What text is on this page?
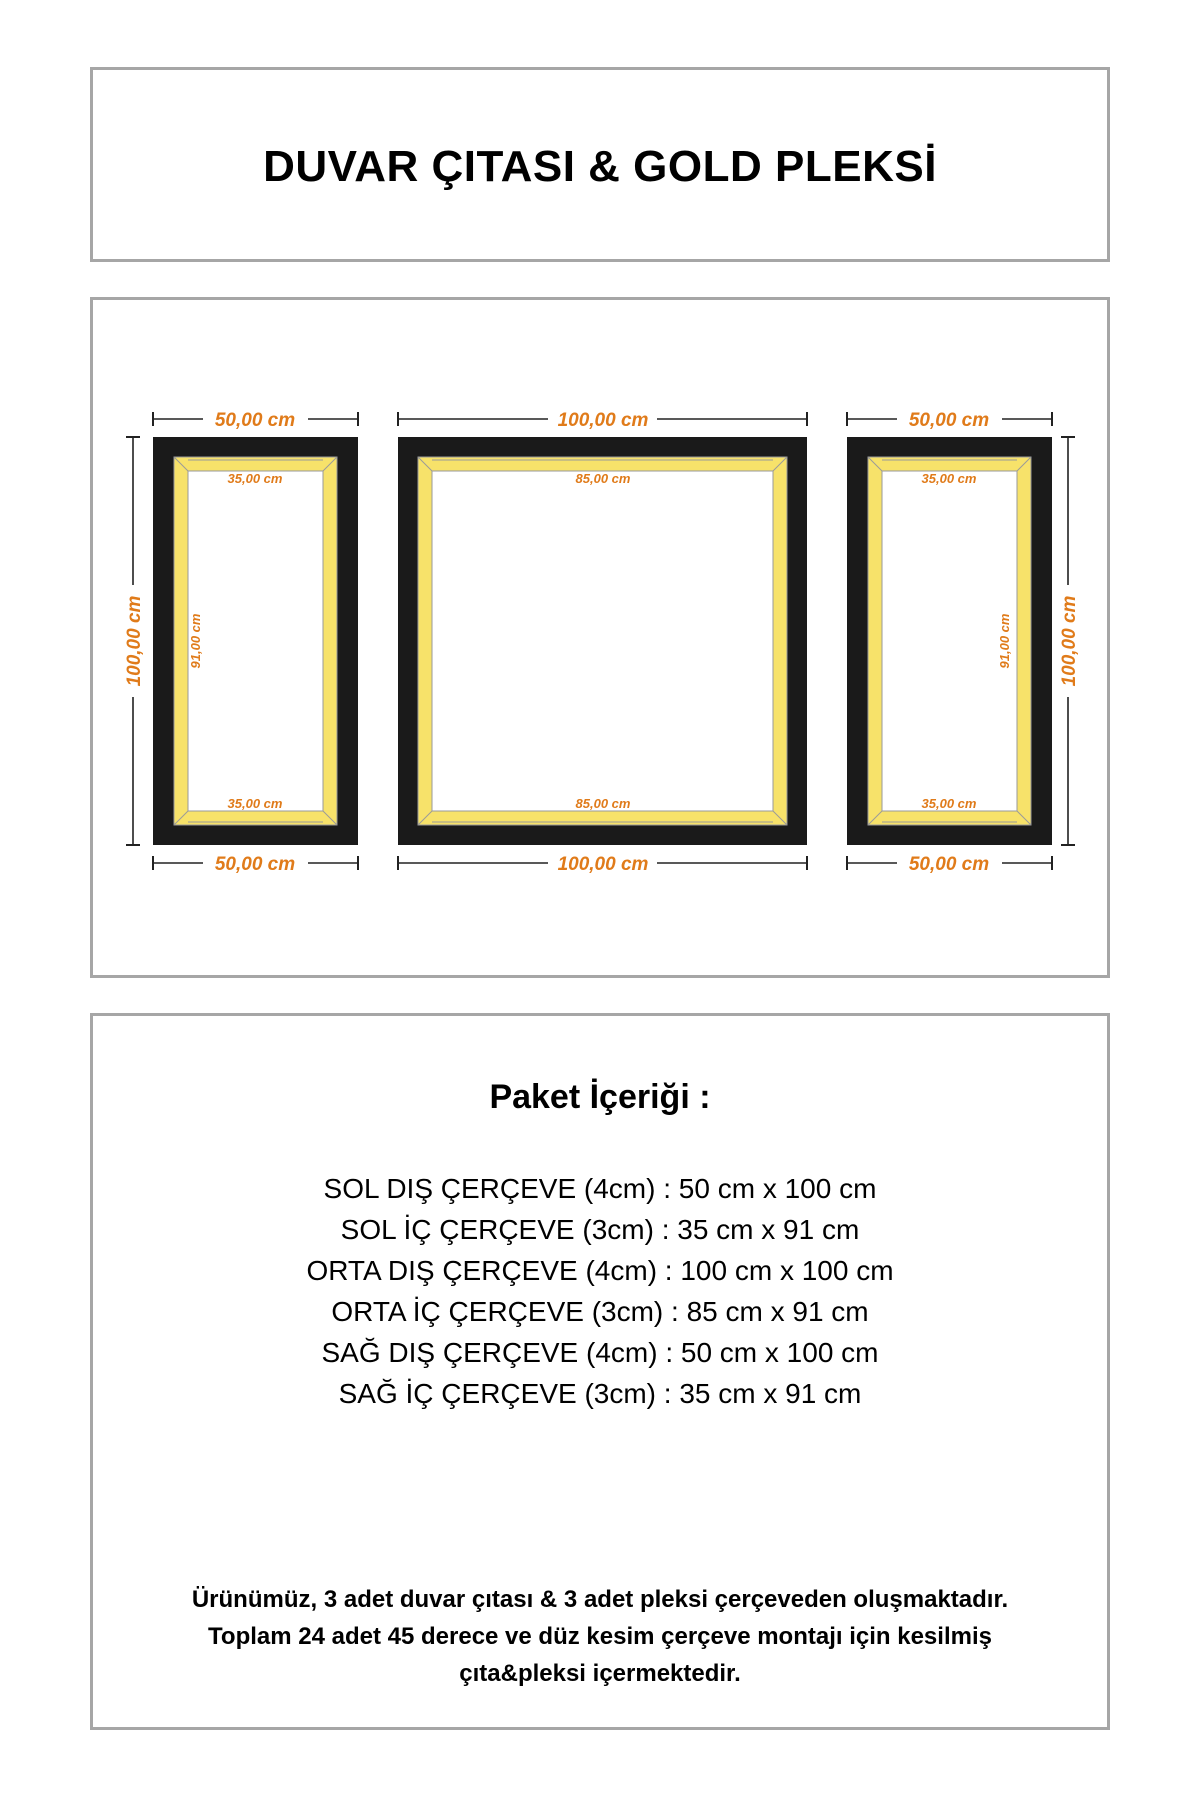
DUVAR ÇITASI & GOLD PLEKSİ
50,00 cm	100,00 cm	50,00 cm
50,00 cm	100,00 cm	50,00 cm
100,00 cm	100,00 cm
35,00 cm
35,00 cm
91,00 cm
85,00 cm
85,00 cm
35,00 cm
35,00 cm
91,00 cm
Paket İçeriği :
SOL DIŞ ÇERÇEVE (4cm) : 50 cm x 100 cm
SOL İÇ ÇERÇEVE (3cm) : 35 cm x 91 cm
ORTA DIŞ ÇERÇEVE (4cm) : 100 cm x 100 cm
ORTA İÇ ÇERÇEVE (3cm) : 85 cm x 91 cm
SAĞ DIŞ ÇERÇEVE (4cm) : 50 cm x 100 cm
SAĞ İÇ ÇERÇEVE (3cm) : 35 cm x 91 cm
Ürünümüz, 3 adet duvar çıtası & 3 adet pleksi çerçeveden oluşmaktadır.
Toplam 24 adet 45 derece ve düz kesim çerçeve montajı için kesilmiş
çıta&pleksi içermektedir.
